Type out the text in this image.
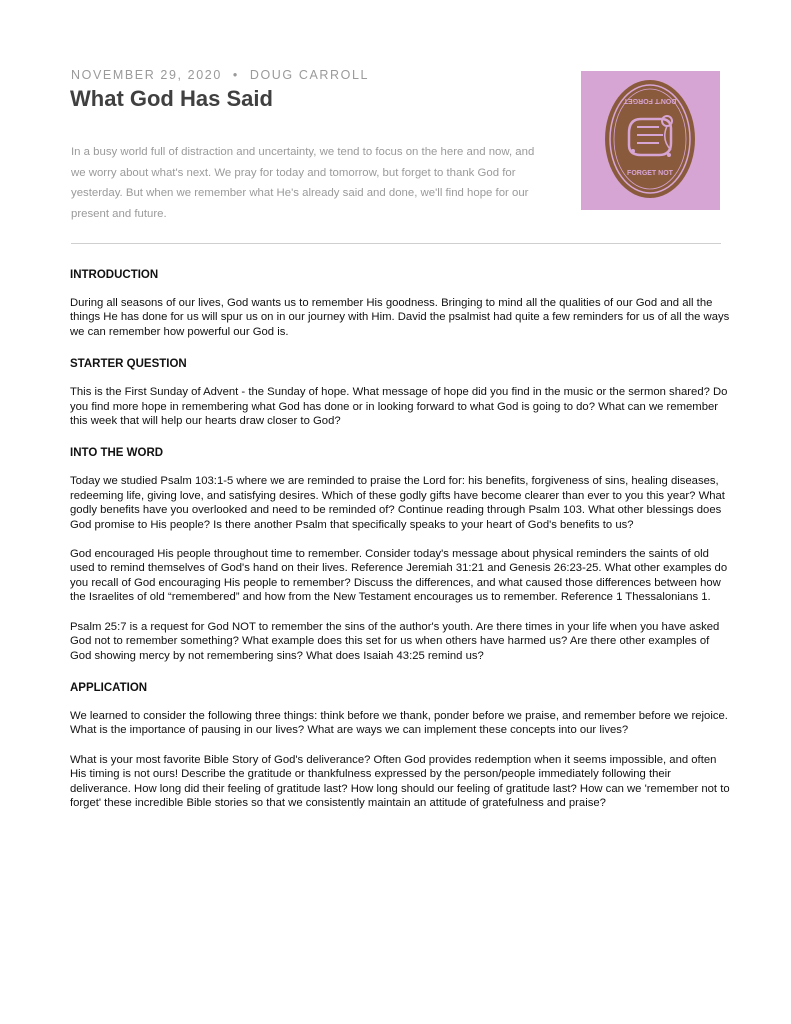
NOVEMBER 29, 2020 • DOUG CARROLL
What God Has Said

In a busy world full of distraction and uncertainty, we tend to focus on the here and now, and we worry about what's next. We pray for today and tomorrow, but forget to thank God for yesterday. But when we remember what He's already said and done, we'll find hope for our present and future.

DON'T FORGET
FORGET NOT
INTRODUCTION

During all seasons of our lives, God wants us to remember His goodness. Bringing to mind all the qualities of our God and all the things He has done for us will spur us on in our journey with Him. David the psalmist had quite a few reminders for us of all the ways we can remember how powerful our God is.

STARTER QUESTION

This is the First Sunday of Advent - the Sunday of hope. What message of hope did you find in the music or the sermon shared? Do you find more hope in remembering what God has done or in looking forward to what God is going to do? What can we remember this week that will help our hearts draw closer to God?

INTO THE WORD

Today we studied Psalm 103:1-5 where we are reminded to praise the Lord for: his benefits, forgiveness of sins, healing diseases, redeeming life, giving love, and satisfying desires. Which of these godly gifts have become clearer than ever to you this year? What godly benefits have you overlooked and need to be reminded of? Continue reading through Psalm 103. What other blessings does God promise to His people? Is there another Psalm that specifically speaks to your heart of God's benefits to us?

God encouraged His people throughout time to remember. Consider today's message about physical reminders the saints of old used to remind themselves of God's hand on their lives. Reference Jeremiah 31:21 and Genesis 26:23-25. What other examples do you recall of God encouraging His people to remember? Discuss the differences, and what caused those differences between how the Israelites of old “remembered” and how from the New Testament encourages us to remember. Reference 1 Thessalonians 1.

Psalm 25:7 is a request for God NOT to remember the sins of the author's youth. Are there times in your life when you have asked God not to remember something? What example does this set for us when others have harmed us? Are there other examples of God showing mercy by not remembering sins? What does Isaiah 43:25 remind us?

APPLICATION

We learned to consider the following three things: think before we thank, ponder before we praise, and remember before we rejoice. What is the importance of pausing in our lives? What are ways we can implement these concepts into our lives?

What is your most favorite Bible Story of God's deliverance? Often God provides redemption when it seems impossible, and often His timing is not ours! Describe the gratitude or thankfulness expressed by the person/people immediately following their deliverance. How long did their feeling of gratitude last? How long should our feeling of gratitude last? How can we 'remember not to forget' these incredible Bible stories so that we consistently maintain an attitude of gratefulness and praise?
